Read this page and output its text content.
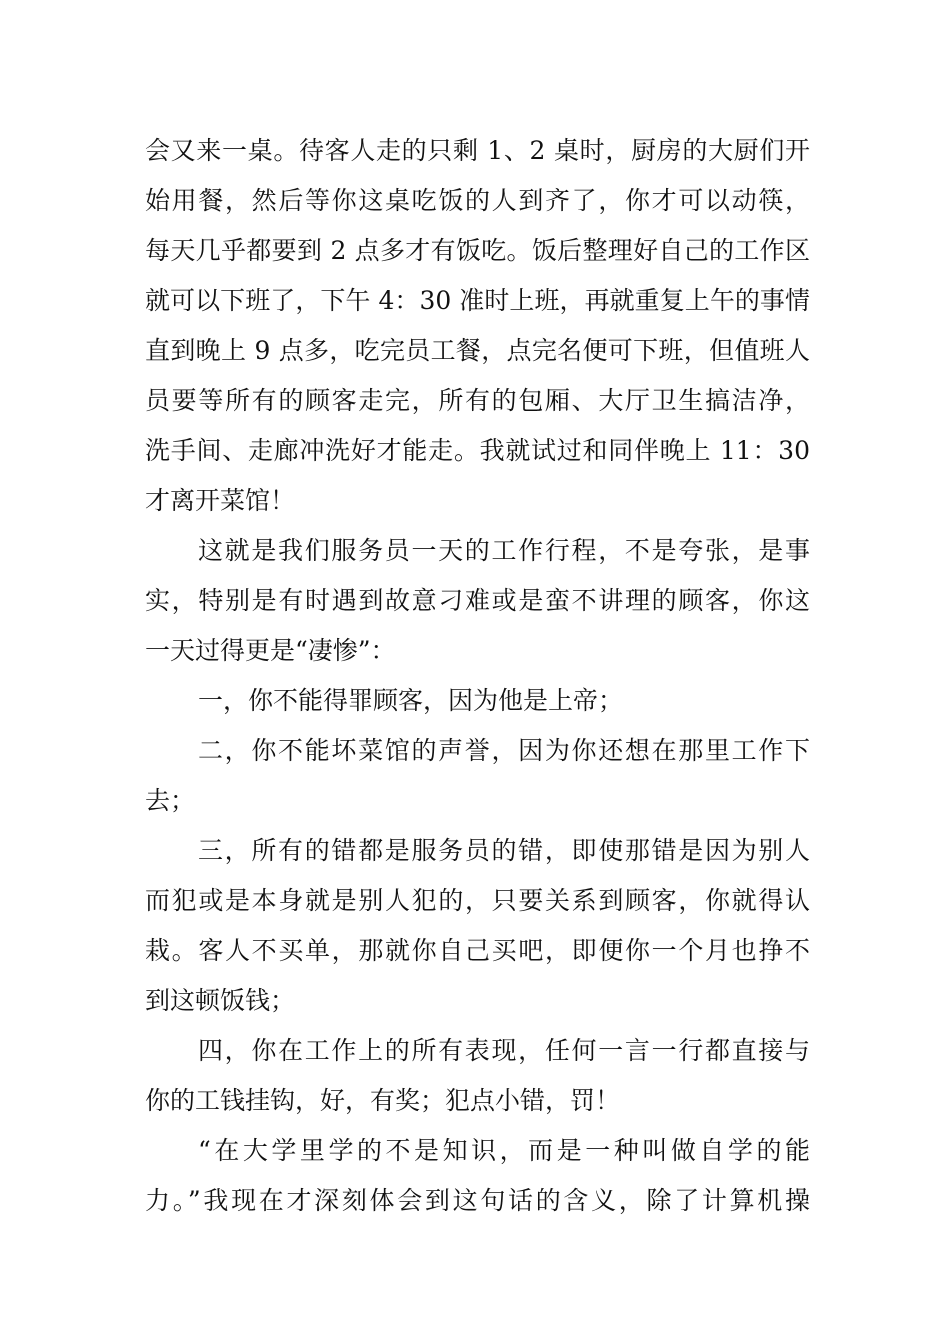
会又来一桌。待客人走的只剩 1、2 桌时，厨房的大厨们开

始用餐，然后等你这桌吃饭的人到齐了，你才可以动筷，

每天几乎都要到 2 点多才有饭吃。饭后整理好自己的工作区

就可以下班了，下午 4：30 准时上班，再就重复上午的事情

直到晚上 9 点多，吃完员工餐，点完名便可下班，但值班人

员要等所有的顾客走完，所有的包厢、大厅卫生搞洁净，

洗手间、走廊冲洗好才能走。我就试过和同伴晚上 11：30

才离开菜馆！

这就是我们服务员一天的工作行程，不是夸张，是事

实，特别是有时遇到故意刁难或是蛮不讲理的顾客，你这

一天过得更是“凄惨”：

一，你不能得罪顾客，因为他是上帝；

二，你不能坏菜馆的声誉，因为你还想在那里工作下

去；

三，所有的错都是服务员的错，即使那错是因为别人

而犯或是本身就是别人犯的，只要关系到顾客，你就得认

栽。客人不买单，那就你自己买吧，即便你一个月也挣不

到这顿饭钱；

四，你在工作上的所有表现，任何一言一行都直接与

你的工钱挂钩，好，有奖；犯点小错，罚！

“在大学里学的不是知识，而是一种叫做自学的能

力。”我现在才深刻体会到这句话的含义，除了计算机操
